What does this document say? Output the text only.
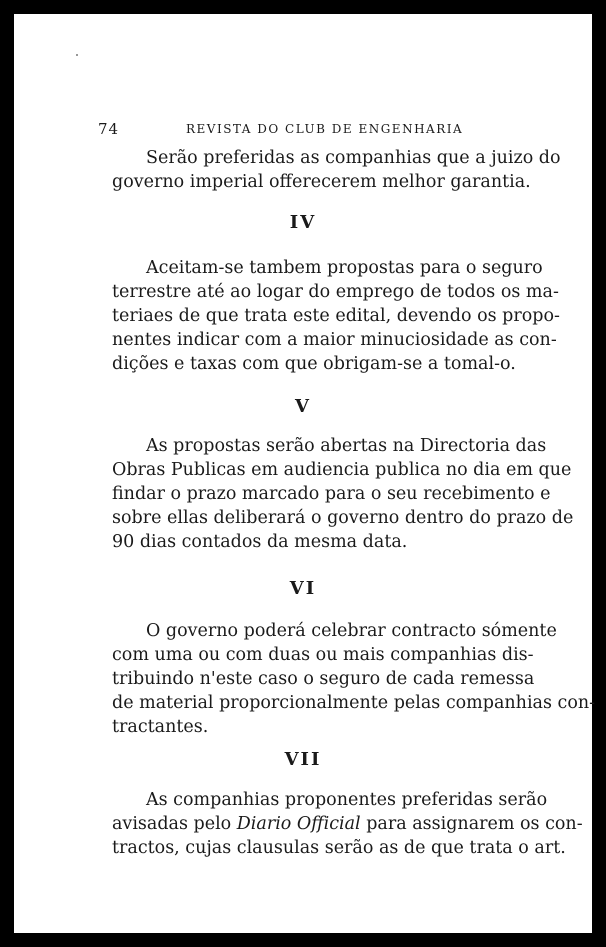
74	REVISTA DO CLUB DE ENGENHARIA

Serão preferidas as companhias que a juizo do
governo imperial offerecerem melhor garantia.

IV

Aceitam-se tambem propostas para o seguro
terrestre até ao logar do emprego de todos os ma-
teriaes de que trata este edital, devendo os propo-
nentes indicar com a maior minuciosidade as con-
dições e taxas com que obrigam-se a tomal-o.

V

As propostas serão abertas na Directoria das
Obras Publicas em audiencia publica no dia em que
findar o prazo marcado para o seu recebimento e
sobre ellas deliberará o governo dentro do prazo de
90 dias contados da mesma data.

VI

O governo poderá celebrar contracto sómente
com uma ou com duas ou mais companhias dis-
tribuindo n'este caso o seguro de cada remessa
de material proporcionalmente pelas companhias con-
tractantes.

VII

As companhias proponentes preferidas serão
avisadas pelo Diario Official para assignarem os con-
tractos, cujas clausulas serão as de que trata o art.
